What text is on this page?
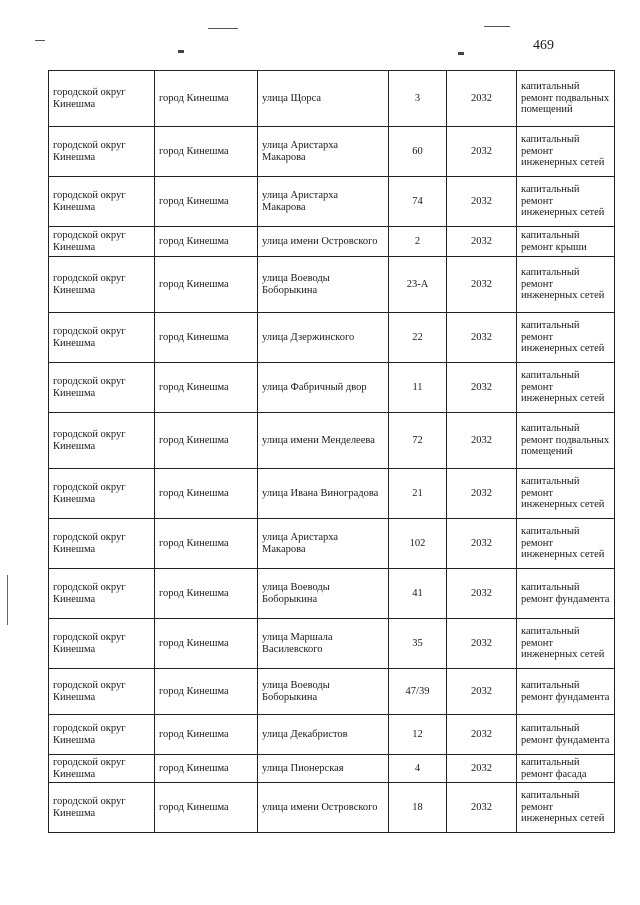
469
городской округ Кинешма	город Кинешма	улица Щорса	3	2032	капитальный ремонт подвальных помещений
городской округ Кинешма	город Кинешма	улица Аристарха Макарова	60	2032	капитальный ремонт инженерных сетей
городской округ Кинешма	город Кинешма	улица Аристарха Макарова	74	2032	капитальный ремонт инженерных сетей
городской округ Кинешма	город Кинешма	улица имени Островского	2	2032	капитальный ремонт крыши
городской округ Кинешма	город Кинешма	улица Воеводы Боборыкина	23-А	2032	капитальный ремонт инженерных сетей
городской округ Кинешма	город Кинешма	улица Дзержинского	22	2032	капитальный ремонт инженерных сетей
городской округ Кинешма	город Кинешма	улица Фабричный двор	11	2032	капитальный ремонт инженерных сетей
городской округ Кинешма	город Кинешма	улица имени Менделеева	72	2032	капитальный ремонт подвальных помещений
городской округ Кинешма	город Кинешма	улица Ивана Виноградова	21	2032	капитальный ремонт инженерных сетей
городской округ Кинешма	город Кинешма	улица Аристарха Макарова	102	2032	капитальный ремонт инженерных сетей
городской округ Кинешма	город Кинешма	улица Воеводы Боборыкина	41	2032	капитальный ремонт фундамента
городской округ Кинешма	город Кинешма	улица Маршала Василевского	35	2032	капитальный ремонт инженерных сетей
городской округ Кинешма	город Кинешма	улица Воеводы Боборыкина	47/39	2032	капитальный ремонт фундамента
городской округ Кинешма	город Кинешма	улица Декабристов	12	2032	капитальный ремонт фундамента
городской округ Кинешма	город Кинешма	улица Пионерская	4	2032	капитальный ремонт фасада
городской округ Кинешма	город Кинешма	улица имени Островского	18	2032	капитальный ремонт инженерных сетей
